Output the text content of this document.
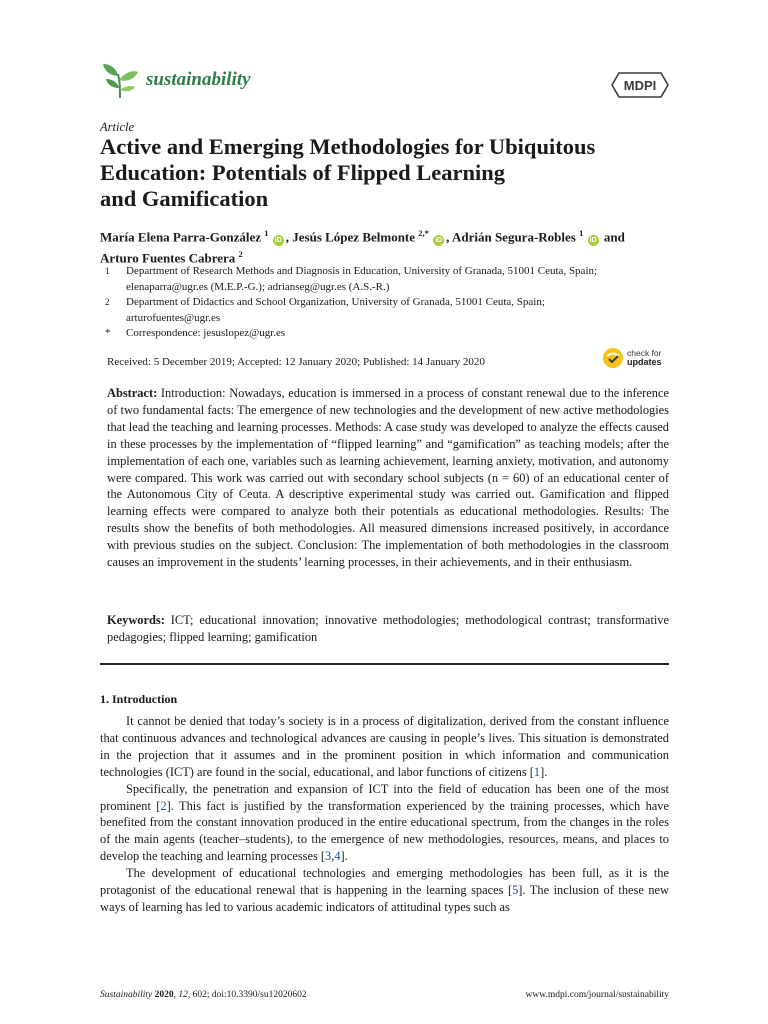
sustainability	MDPI
Article
Active and Emerging Methodologies for Ubiquitous
Education: Potentials of Flipped Learning
and Gamification
María Elena Parra-González $^1$ iD , Jesús López Belmonte $^{2,*}$ iD , Adrián Segura-Robles $^1$ iD and
Arturo Fuentes Cabrera $^2$
1	Department of Research Methods and Diagnosis in Education, University of Granada, 51001 Ceuta, Spain;
elenaparra@ugr.es (M.E.P.-G.); adrianseg@ugr.es (A.S.-R.)
2	Department of Didactics and School Organization, University of Granada, 51001 Ceuta, Spain;
arturofuentes@ugr.es
*	Correspondence: jesuslopez@ugr.es
Received: 5 December 2019; Accepted: 12 January 2020; Published: 14 January 2020
check for
updates
Abstract: Introduction: Nowadays, education is immersed in a process of constant renewal due to the inference of two fundamental facts: The emergence of new technologies and the development of new active methodologies that lead the teaching and learning processes. Methods: A case study was developed to analyze the effects caused in these processes by the implementation of “flipped learning” and “gamification” as teaching models; after the implementation of each one, variables such as learning achievement, learning anxiety, motivation, and autonomy were compared. This work was carried out with secondary school subjects (n = 60) of an educational center of the Autonomous City of Ceuta. A descriptive experimental study was carried out. Gamification and flipped learning effects were compared to analyze both their potentials as educational methodologies. Results: The results show the benefits of both methodologies. All measured dimensions increased positively, in accordance with previous studies on the subject. Conclusion: The implementation of both methodologies in the classroom causes an improvement in the students’ learning processes, in their achievements, and in their enthusiasm.
Keywords: ICT; educational innovation; innovative methodologies; methodological contrast; transformative pedagogies; flipped learning; gamification
1. Introduction

It cannot be denied that today’s society is in a process of digitalization, derived from the constant influence that continuous advances and technological advances are causing in people’s lives. This situation is demonstrated in the projection that it assumes and in the prominent position in which information and communication technologies (ICT) are found in the social, educational, and labor functions of citizens [1].

Specifically, the penetration and expansion of ICT into the field of education has been one of the most prominent [2]. This fact is justified by the transformation experienced by the training processes, which have benefited from the constant innovation produced in the entire educational spectrum, from the changes in the roles of the main agents (teacher–students), to the emergence of new methodologies, resources, means, and places to develop the teaching and learning processes [3,4].

The development of educational technologies and emerging methodologies has been full, as it is the protagonist of the educational renewal that is happening in the learning spaces [5]. The inclusion of these new ways of learning has led to various academic indicators of attitudinal types such as

Sustainability 2020, 12, 602; doi:10.3390/su12020602	www.mdpi.com/journal/sustainability
